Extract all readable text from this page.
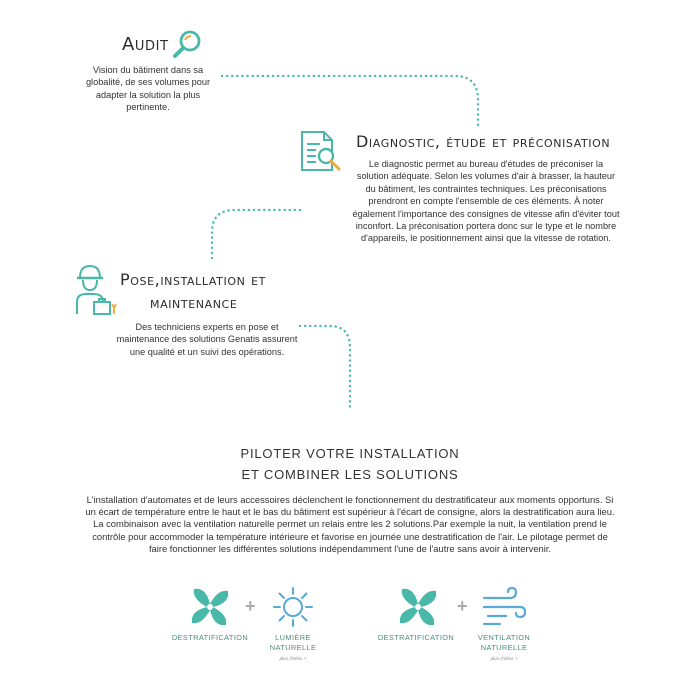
Audit
Vision du bâtiment dans sa globalité, de ses volumes pour adapter la solution la plus pertinente.
Diagnostic, étude et préconisation
Le diagnostic permet au bureau d'études de préconiser la solution adéquate. Selon les volumes d'air à brasser, la hauteur du bâtiment, les contraintes techniques. Les préconisations prendront en compte l'ensemble de ces éléments. À noter également l'importance des consignes de vitesse afin d'éviter tout inconfort. La préconisation portera donc sur le type et le nombre d'appareils, le positionnement ainsi que la vitesse de rotation.
Pose,installation et
maintenance
Des techniciens experts en pose et maintenance des solutions Genatis assurent une qualité et un suivi des opérations.
PILOTER VOTRE INSTALLATION
ET COMBINER LES SOLUTIONS
L'installation d'automates et de leurs accessoires déclenchent le fonctionnement du destratificateur aux moments opportuns. Si un écart de température entre le haut et le bas du bâtiment est supérieur à l'écart de consigne, alors la destratification aura lieu. La combinaison avec la ventilation naturelle permet un relais entre les 2 solutions.Par exemple la nuit, la ventilation prend le contrôle pour accommoder la température intérieure et favorise en journée une destratification de l'air. Le pilotage permet de faire fonctionner les différentes solutions indépendamment l'une de l'autre sans avoir à intervenir.
+
DESTRATIFICATION	LUMIÈRE
NATURELLE
plus d'infos +
+
DESTRATIFICATION	VENTILATION
NATURELLE
plus d'infos +
